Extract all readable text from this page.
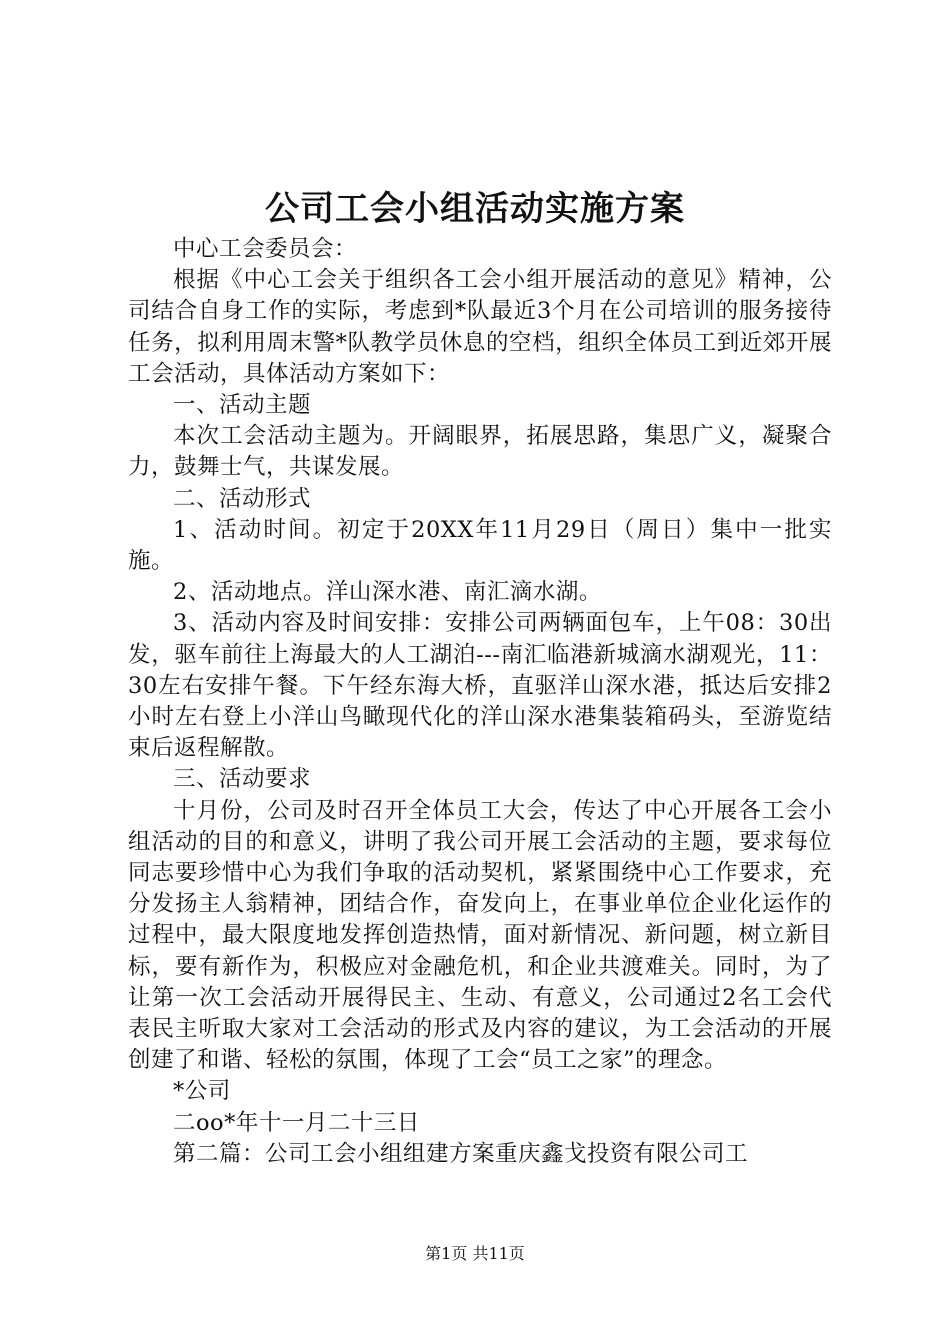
公司工会小组活动实施方案

中心工会委员会：

根据《中心工会关于组织各工会小组开展活动的意见》精神，公司结合自身工作的实际，考虑到*队最近3个月在公司培训的服务接待任务，拟利用周末警*队教学员休息的空档，组织全体员工到近郊开展工会活动，具体活动方案如下：

一、活动主题

本次工会活动主题为。开阔眼界，拓展思路，集思广义，凝聚合力，鼓舞士气，共谋发展。

二、活动形式

1、活动时间。初定于20XX年11月29日（周日）集中一批实施。

2、活动地点。洋山深水港、南汇滴水湖。

3、活动内容及时间安排：安排公司两辆面包车，上午08：30出发，驱车前往上海最大的人工湖泊---南汇临港新城滴水湖观光，11：30左右安排午餐。下午经东海大桥，直驱洋山深水港，抵达后安排2小时左右登上小洋山鸟瞰现代化的洋山深水港集装箱码头，至游览结束后返程解散。

三、活动要求

十月份，公司及时召开全体员工大会，传达了中心开展各工会小组活动的目的和意义，讲明了我公司开展工会活动的主题，要求每位同志要珍惜中心为我们争取的活动契机，紧紧围绕中心工作要求，充分发扬主人翁精神，团结合作，奋发向上，在事业单位企业化运作的过程中，最大限度地发挥创造热情，面对新情况、新问题，树立新目标，要有新作为，积极应对金融危机，和企业共渡难关。同时，为了让第一次工会活动开展得民主、生动、有意义，公司通过2名工会代表民主听取大家对工会活动的形式及内容的建议，为工会活动的开展创建了和谐、轻松的氛围，体现了工会“员工之家”的理念。

*公司

二oo*年十一月二十三日

第二篇：公司工会小组组建方案重庆鑫戈投资有限公司工

第1页 共11页
